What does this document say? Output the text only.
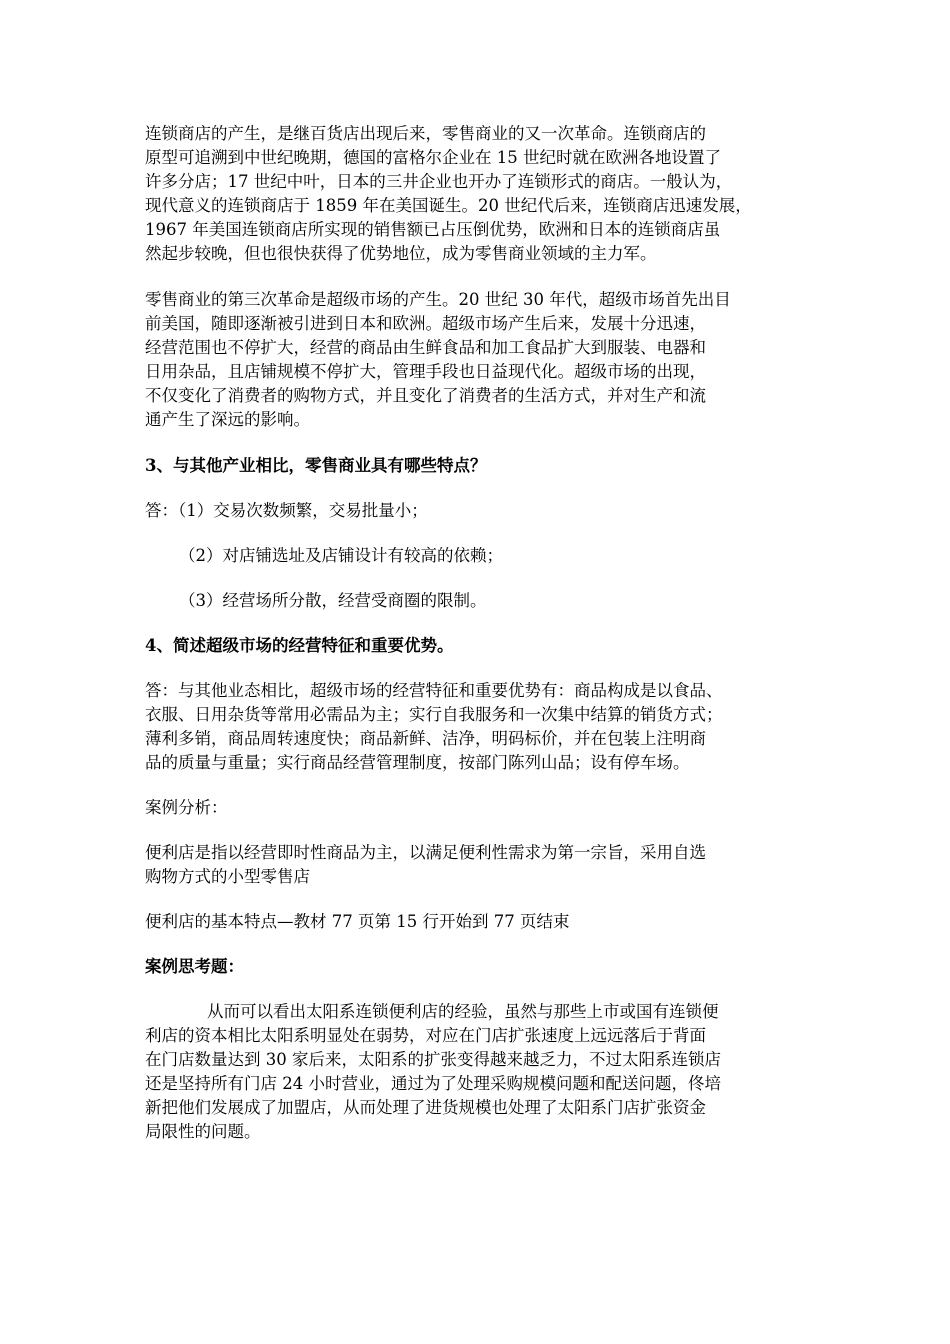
连锁商店的产生，是继百货店出现后来，零售商业的又一次革命。连锁商店的
原型可追溯到中世纪晚期，德国的富格尔企业在 15 世纪时就在欧洲各地设置了
许多分店；17 世纪中叶，日本的三井企业也开办了连锁形式的商店。一般认为，
现代意义的连锁商店于 1859 年在美国诞生。20 世纪代后来，连锁商店迅速发展，
1967 年美国连锁商店所实现的销售额已占压倒优势，欧洲和日本的连锁商店虽
然起步较晚，但也很快获得了优势地位，成为零售商业领域的主力军。
零售商业的第三次革命是超级市场的产生。20 世纪 30 年代，超级市场首先出目
前美国，随即逐渐被引进到日本和欧洲。超级市场产生后来，发展十分迅速，
经营范围也不停扩大，经营的商品由生鲜食品和加工食品扩大到服装、电器和
日用杂品，且店铺规模不停扩大，管理手段也日益现代化。超级市场的出现，
不仅变化了消费者的购物方式，并且变化了消费者的生活方式，并对生产和流
通产生了深远的影响。
3、与其他产业相比，零售商业具有哪些特点？
答：（1）交易次数频繁，交易批量小；
（2）对店铺选址及店铺设计有较高的依赖；
（3）经营场所分散，经营受商圈的限制。
4、简述超级市场的经营特征和重要优势。
答：与其他业态相比，超级市场的经营特征和重要优势有：商品构成是以食品、
衣服、日用杂货等常用必需品为主；实行自我服务和一次集中结算的销货方式；
薄利多销，商品周转速度快；商品新鲜、洁净，明码标价，并在包装上注明商
品的质量与重量；实行商品经营管理制度，按部门陈列山品；设有停车场。
案例分析：
便利店是指以经营即时性商品为主，以满足便利性需求为第一宗旨，采用自选
购物方式的小型零售店
便利店的基本特点—教材 77 页第 15 行开始到 77 页结束
案例思考题：
从而可以看出太阳系连锁便利店的经验，虽然与那些上市或国有连锁便
利店的资本相比太阳系明显处在弱势，对应在门店扩张速度上远远落后于背面
在门店数量达到 30 家后来，太阳系的扩张变得越来越乏力，不过太阳系连锁店
还是坚持所有门店 24 小时营业，通过为了处理采购规模问题和配送问题，佟培
新把他们发展成了加盟店，从而处理了进货规模也处理了太阳系门店扩张资金
局限性的问题。
